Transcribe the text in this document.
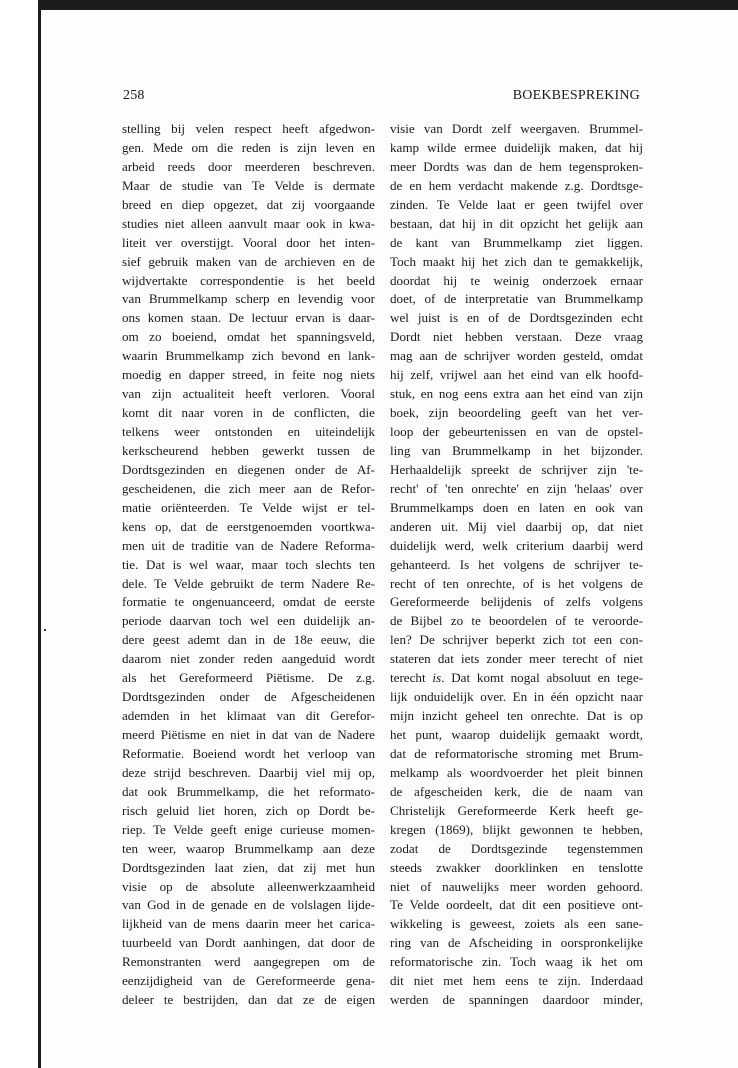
258	BOEKBESPREKING
stelling bij velen respect heeft afgedwon-
gen. Mede om die reden is zijn leven en
arbeid reeds door meerderen beschreven.
Maar de studie van Te Velde is dermate
breed en diep opgezet, dat zij voorgaande
studies niet alleen aanvult maar ook in kwa-
liteit ver overstijgt. Vooral door het inten-
sief gebruik maken van de archieven en de
wijdvertakte correspondentie is het beeld
van Brummelkamp scherp en levendig voor
ons komen staan. De lectuur ervan is daar-
om zo boeiend, omdat het spanningsveld,
waarin Brummelkamp zich bevond en lank-
moedig en dapper streed, in feite nog niets
van zijn actualiteit heeft verloren. Vooral
komt dit naar voren in de conflicten, die
telkens weer ontstonden en uiteindelijk
kerkscheurend hebben gewerkt tussen de
Dordtsgezinden en diegenen onder de Af-
gescheidenen, die zich meer aan de Refor-
matie oriënteerden. Te Velde wijst er tel-
kens op, dat de eerstgenoemden voortkwa-
men uit de traditie van de Nadere Reforma-
tie. Dat is wel waar, maar toch slechts ten
dele. Te Velde gebruikt de term Nadere Re-
formatie te ongenuanceerd, omdat de eerste
periode daarvan toch wel een duidelijk an-
dere geest ademt dan in de 18e eeuw, die
daarom niet zonder reden aangeduid wordt
als het Gereformeerd Piëtisme. De z.g.
Dordtsgezinden onder de Afgescheidenen
ademden in het klimaat van dit Gerefor-
meerd Piëtisme en niet in dat van de Nadere
Reformatie. Boeiend wordt het verloop van
deze strijd beschreven. Daarbij viel mij op,
dat ook Brummelkamp, die het reformato-
risch geluid liet horen, zich op Dordt be-
riep. Te Velde geeft enige curieuse momen-
ten weer, waarop Brummelkamp aan deze
Dordtsgezinden laat zien, dat zij met hun
visie op de absolute alleenwerkzaamheid
van God in de genade en de volslagen lijde-
lijkheid van de mens daarin meer het carica-
tuurbeeld van Dordt aanhingen, dat door de
Remonstranten werd aangegrepen om de
eenzijdigheid van de Gereformeerde gena-
deleer te bestrijden, dan dat ze de eigen
visie van Dordt zelf weergaven. Brummel-
kamp wilde ermee duidelijk maken, dat hij
meer Dordts was dan de hem tegensproken-
de en hem verdacht makende z.g. Dordtsge-
zinden. Te Velde laat er geen twijfel over
bestaan, dat hij in dit opzicht het gelijk aan
de kant van Brummelkamp ziet liggen.
Toch maakt hij het zich dan te gemakkelijk,
doordat hij te weinig onderzoek ernaar
doet, of de interpretatie van Brummelkamp
wel juist is en of de Dordtsgezinden echt
Dordt niet hebben verstaan. Deze vraag
mag aan de schrijver worden gesteld, omdat
hij zelf, vrijwel aan het eind van elk hoofd-
stuk, en nog eens extra aan het eind van zijn
boek, zijn beoordeling geeft van het ver-
loop der gebeurtenissen en van de opstel-
ling van Brummelkamp in het bijzonder.
Herhaaldelijk spreekt de schrijver zijn 'te-
recht' of 'ten onrechte' en zijn 'helaas' over
Brummelkamps doen en laten en ook van
anderen uit. Mij viel daarbij op, dat niet
duidelijk werd, welk criterium daarbij werd
gehanteerd. Is het volgens de schrijver te-
recht of ten onrechte, of is het volgens de
Gereformeerde belijdenis of zelfs volgens
de Bijbel zo te beoordelen of te veroorde-
len? De schrijver beperkt zich tot een con-
stateren dat iets zonder meer terecht of niet
terecht is. Dat komt nogal absoluut en tege-
lijk onduidelijk over. En in één opzicht naar
mijn inzicht geheel ten onrechte. Dat is op
het punt, waarop duidelijk gemaakt wordt,
dat de reformatorische stroming met Brum-
melkamp als woordvoerder het pleit binnen
de afgescheiden kerk, die de naam van
Christelijk Gereformeerde Kerk heeft ge-
kregen (1869), blijkt gewonnen te hebben,
zodat de Dordtsgezinde tegenstemmen
steeds zwakker doorklinken en tenslotte
niet of nauwelijks meer worden gehoord.
Te Velde oordeelt, dat dit een positieve ont-
wikkeling is geweest, zoiets als een sane-
ring van de Afscheiding in oorspronkelijke
reformatorische zin. Toch waag ik het om
dit niet met hem eens te zijn. Inderdaad
werden de spanningen daardoor minder,
